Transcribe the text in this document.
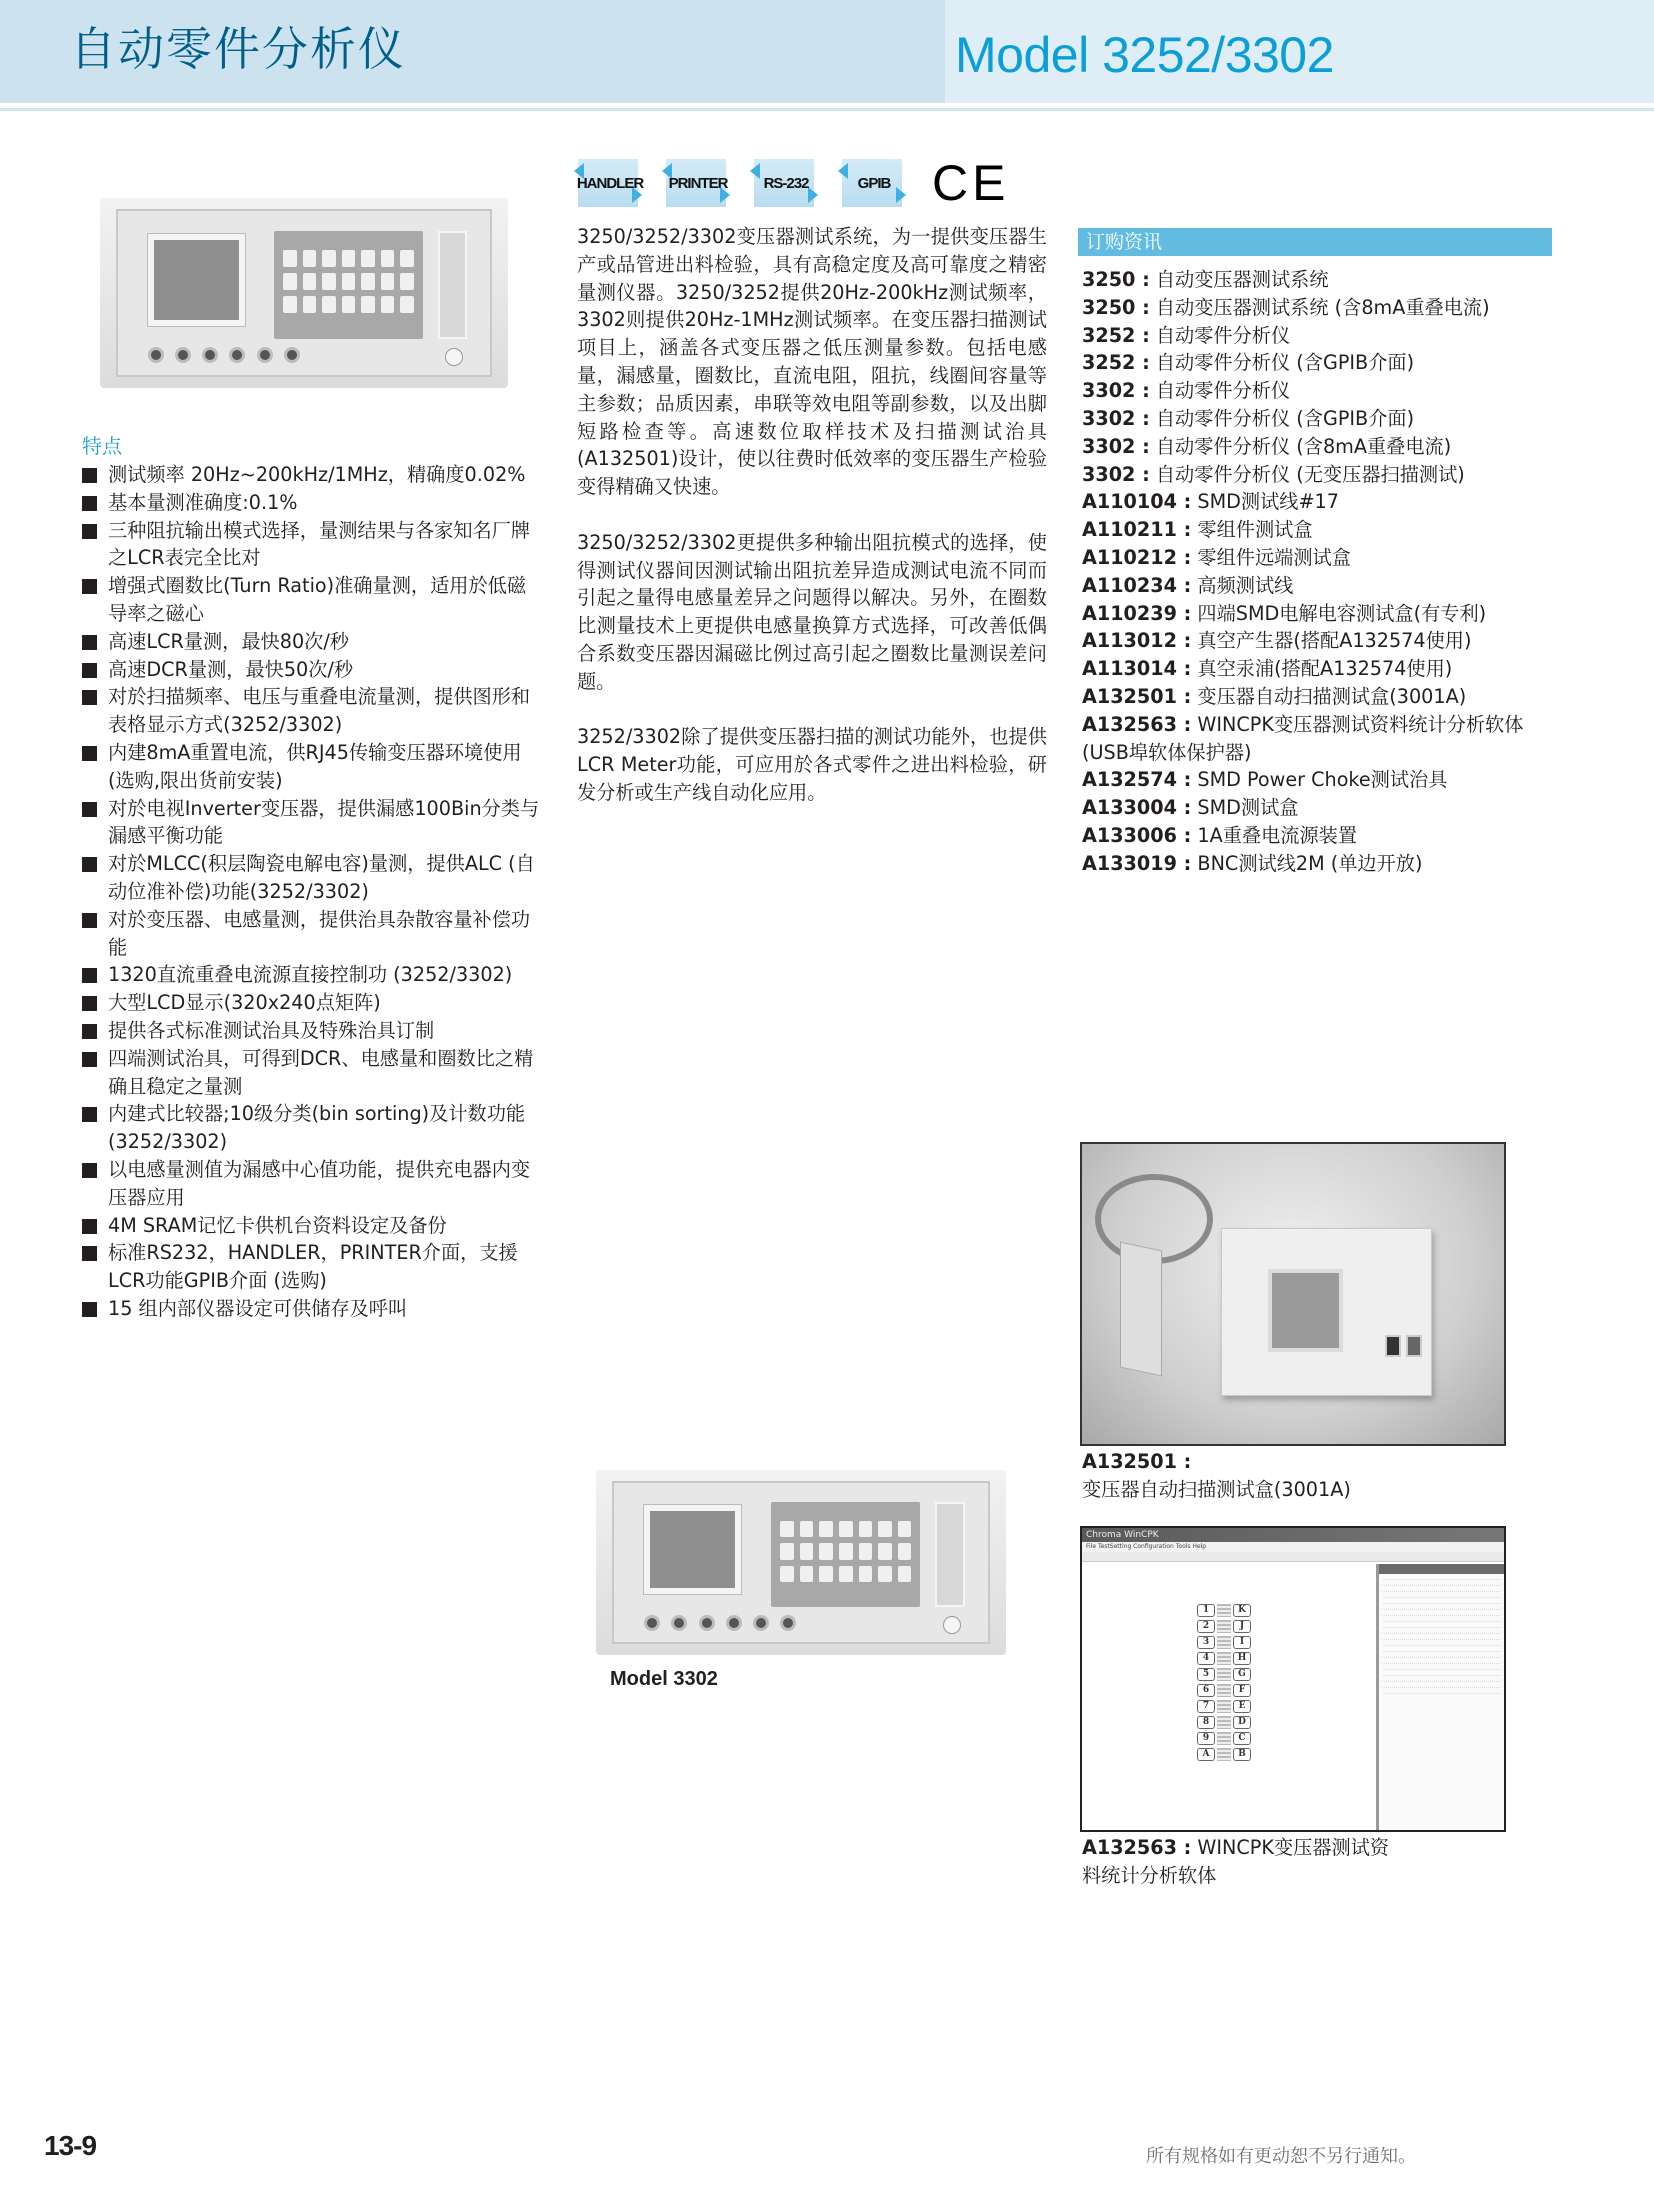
自动零件分析仪	Model 3252/3302
特点
测试频率 20Hz~200kHz/1MHz，精确度0.02%
基本量测准确度:0.1%
三种阻抗输出模式选择，量测结果与各家知名厂牌之LCR表完全比对
增强式圈数比(Turn Ratio)准确量测，适用於低磁导率之磁心
高速LCR量测，最快80次/秒
高速DCR量测，最快50次/秒
对於扫描频率、电压与重叠电流量测，提供图形和表格显示方式(3252/3302)
内建8mA重置电流，供RJ45传输变压器环境使用 (选购,限出货前安装)
对於电视Inverter变压器，提供漏感100Bin分类与漏感平衡功能
对於MLCC(积层陶瓷电解电容)量测，提供ALC (自动位准补偿)功能(3252/3302)
对於变压器、电感量测，提供治具杂散容量补偿功能
1320直流重叠电流源直接控制功 (3252/3302)
大型LCD显示(320x240点矩阵)
提供各式标准测试治具及特殊治具订制
四端测试治具，可得到DCR、电感量和圈数比之精确且稳定之量测
内建式比较器;10级分类(bin sorting)及计数功能 (3252/3302)
以电感量测值为漏感中心值功能，提供充电器内变压器应用
4M SRAM记忆卡供机台资料设定及备份
标准RS232，HANDLER，PRINTER介面，支援LCR功能GPIB介面 (选购)
15 组内部仪器设定可供储存及呼叫
HANDLER	PRINTER	RS-232	GPIB CE

3250/3252/3302变压器测试系统，为一提供变压器生产或品管进出料检验，具有高稳定度及高可靠度之精密量测仪器。3250/3252提供20Hz-200kHz测试频率，3302则提供20Hz-1MHz测试频率。在变压器扫描测试项目上，涵盖各式变压器之低压测量参数。包括电感量，漏感量，圈数比，直流电阻，阻抗，线圈间容量等主参数；品质因素，串联等效电阻等副参数，以及出脚短路检查等。高速数位取样技术及扫描测试治具(A132501)设计，使以往费时低效率的变压器生产检验变得精确又快速。

3250/3252/3302更提供多种输出阻抗模式的选择，使得测试仪器间因测试输出阻抗差异造成测试电流不同而引起之量得电感量差异之问题得以解决。另外，在圈数比测量技术上更提供电感量换算方式选择，可改善低偶合系数变压器因漏磁比例过高引起之圈数比量测误差问题。

3252/3302除了提供变压器扫描的测试功能外，也提供LCR Meter功能，可应用於各式零件之进出料检验，研发分析或生产线自动化应用。

订购资讯
3250 : 自动变压器测试系统
3250 : 自动变压器测试系统 (含8mA重叠电流)
3252 : 自动零件分析仪
3252 : 自动零件分析仪 (含GPIB介面)
3302 : 自动零件分析仪
3302 : 自动零件分析仪 (含GPIB介面)
3302 : 自动零件分析仪 (含8mA重叠电流)
3302 : 自动零件分析仪 (无变压器扫描测试)
A110104 : SMD测试线#17
A110211 : 零组件测试盒
A110212 : 零组件远端测试盒
A110234 : 高频测试线
A110239 : 四端SMD电解电容测试盒(有专利)
A113012 : 真空产生器(搭配A132574使用)
A113014 : 真空汞浦(搭配A132574使用)
A132501 : 变压器自动扫描测试盒(3001A)
A132563 : WINCPK变压器测试资料统计分析软体 (USB埠软体保护器)
A132574 : SMD Power Choke测试治具
A133004 : SMD测试盒
A133006 : 1A重叠电流源装置
A133019 : BNC测试线2M (单边开放)
A132501 :
变压器自动扫描测试盒(3001A)
Model 3302
Chroma WinCPK
File TestSetting Configuration Tools Help
1	K
2	J
3	I
4	H
5	G
6	F
7	E
8	D
9	C
A	B
A132563 : WINCPK变压器测试资料统计分析软体
13-9	所有规格如有更动恕不另行通知。
